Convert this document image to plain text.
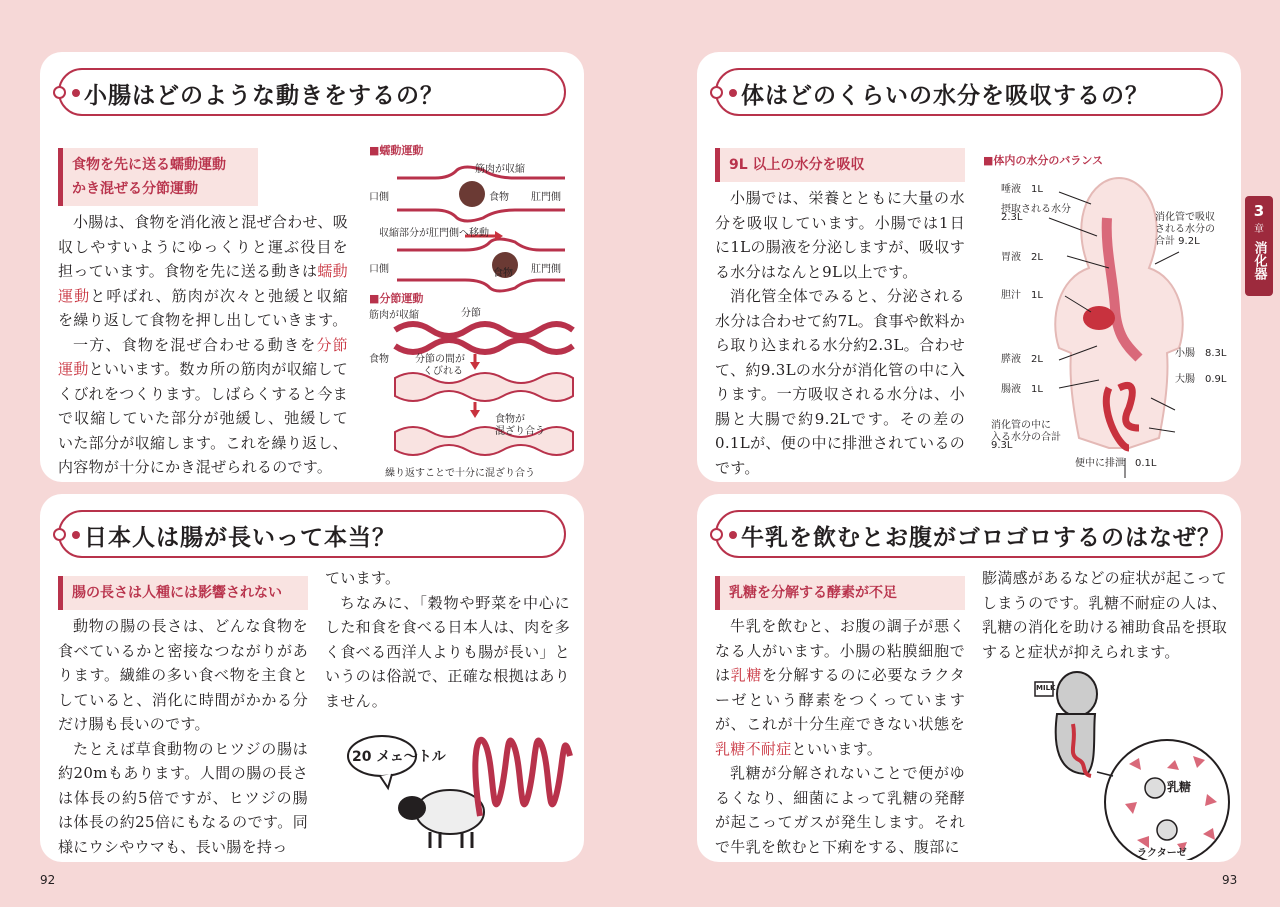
小腸はどのような動きをするの？
食物を先に送る蠕動運動
かき混ぜる分節運動

小腸は、食物を消化液と混ぜ合わせ、吸収しやすいようにゆっくりと運ぶ役目を担っています。食物を先に送る動きは蠕動運動と呼ばれ、筋肉が次々と弛緩と収縮を繰り返して食物を押し出していきます。

一方、食物を混ぜ合わせる動きを分節運動といいます。数カ所の筋肉が収縮してくびれをつくります。しばらくすると今まで収縮していた部分が弛緩し、弛緩していた部分が収縮します。これを繰り返し、内容物が十分にかき混ぜられるのです。

■蠕動運動
筋肉が収縮
口側	食物 肛門側
収縮部分が肛門側へ移動
口側	食物 肛門側
■分節運動
筋肉が収縮	分節
食物	分節の間が
くびれる
食物が
混ざり合う
繰り返すことで十分に混ざり合う
日本人は腸が長いって本当？
腸の長さは人種には影響されない

動物の腸の長さは、どんな食物を食べているかと密接なつながりがあります。繊維の多い食べ物を主食としていると、消化に時間がかかる分だけ腸も長いのです。

たとえば草食動物のヒツジの腸は約20mもあります。人間の腸の長さは体長の約5倍ですが、ヒツジの腸は体長の約25倍にもなるのです。同様にウシやウマも、長い腸を持っ

ています。

ちなみに、「穀物や野菜を中心にした和食を食べる日本人は、肉を多く食べる西洋人よりも腸が長い」というのは俗説で、正確な根拠はありません。

20 メェ〜トル
体はどのくらいの水分を吸収するの？
9L 以上の水分を吸収

小腸では、栄養とともに大量の水分を吸収しています。小腸では1日に1Lの腸液を分泌しますが、吸収する水分はなんと9L以上です。

消化管全体でみると、分泌される水分は合わせて約7L。食事や飲料から取り込まれる水分約2.3L。合わせて、約9.3Lの水分が消化管の中に入ります。一方吸収される水分は、小腸と大腸で約9.2Lです。その差の0.1Lが、便の中に排泄されているのです。

■体内の水分のバランス
唾液　1L
摂取される水分
2.3L
胃液　2L
胆汁　1L
膵液　2L
腸液　1L
消化管の中に
入る水分の合計
9.3L
消化管で吸収
される水分の
合計 9.2L
小腸　8.3L
大腸　0.9L
便中に排泄　0.1L
牛乳を飲むとお腹がゴロゴロするのはなぜ？
乳糖を分解する酵素が不足

牛乳を飲むと、お腹の調子が悪くなる人がいます。小腸の粘膜細胞では乳糖を分解するのに必要なラクターゼという酵素をつくっていますが、これが十分生産できない状態を乳糖不耐症といいます。

乳糖が分解されないことで便がゆるくなり、細菌によって乳糖の発酵が起こってガスが発生します。それで牛乳を飲むと下痢をする、腹部に

膨満感があるなどの症状が起こってしまうのです。乳糖不耐症の人は、乳糖の消化を助ける補助食品を摂取すると症状が抑えられます。

MILK
乳糖
ラクターゼ
3
章
消化器
92	93
